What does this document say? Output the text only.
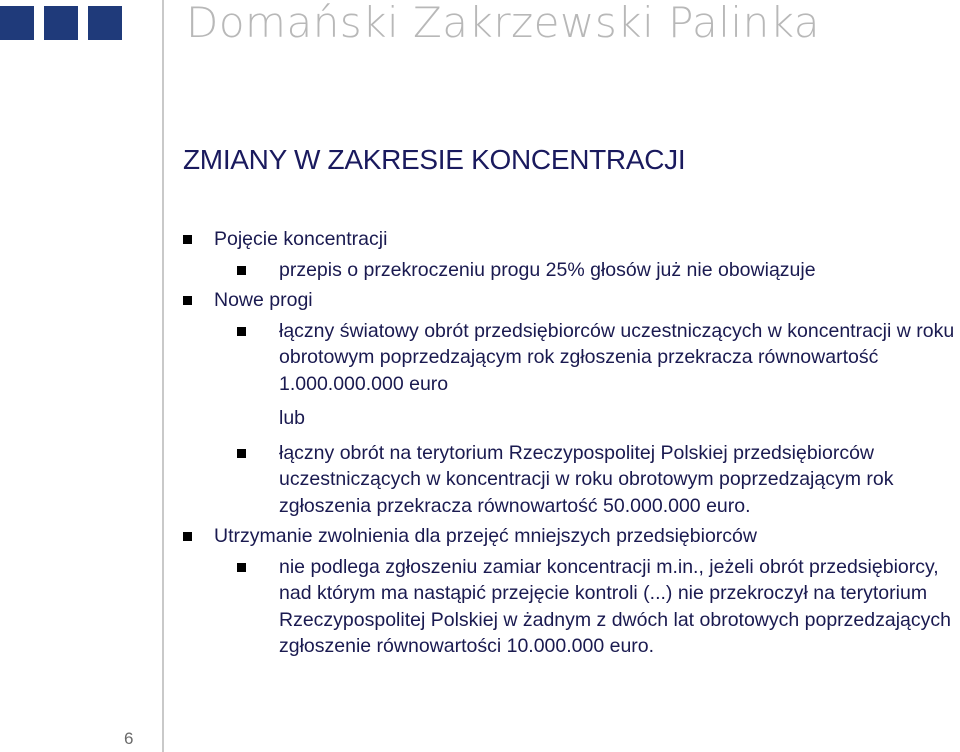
Domański Zakrzewski Palinka
ZMIANY W ZAKRESIE KONCENTRACJI
Pojęcie koncentracji
przepis o przekroczeniu progu 25% głosów już nie obowiązuje
Nowe progi
łączny światowy obrót przedsiębiorców uczestniczących w koncentracji w roku obrotowym poprzedzającym rok zgłoszenia przekracza równowartość 1.000.000.000 euro
lub
łączny obrót na terytorium Rzeczypospolitej Polskiej przedsiębiorców uczestniczących w koncentracji w roku obrotowym poprzedzającym rok zgłoszenia przekracza równowartość 50.000.000 euro.
Utrzymanie zwolnienia dla przejęć mniejszych przedsiębiorców
nie podlega zgłoszeniu zamiar koncentracji m.in., jeżeli obrót przedsiębiorcy, nad którym ma nastąpić przejęcie kontroli (...) nie przekroczył na terytorium Rzeczypospolitej Polskiej w żadnym z dwóch lat obrotowych poprzedzających zgłoszenie równowartości 10.000.000 euro.
6
